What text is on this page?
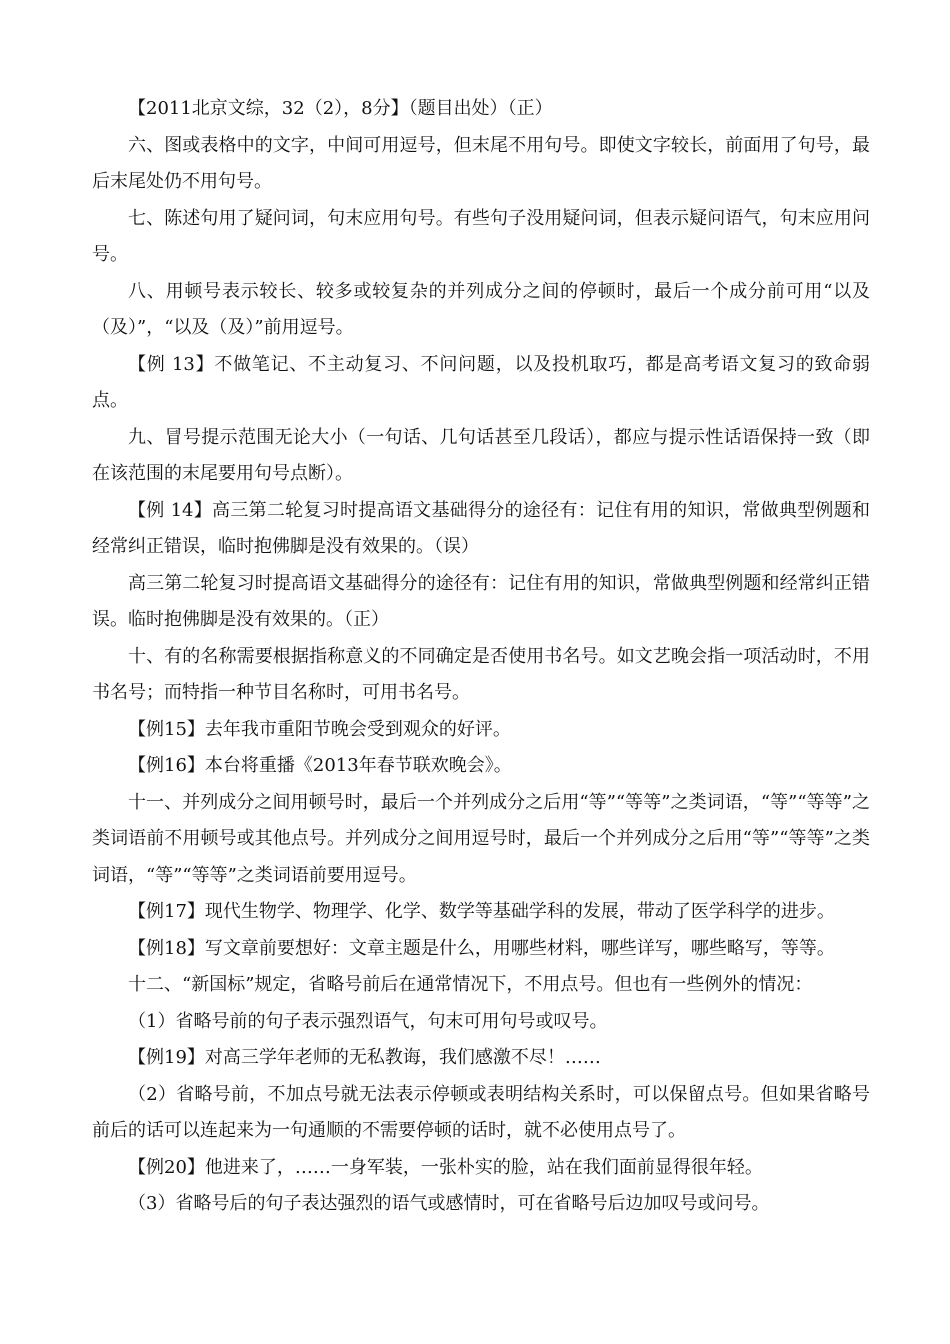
【2011北京文综，32（2），8分】（题目出处）（正）

六、图或表格中的文字，中间可用逗号，但末尾不用句号。即使文字较长，前面用了句号，最后末尾处仍不用句号。

七、陈述句用了疑问词，句末应用句号。有些句子没用疑问词，但表示疑问语气，句末应用问号。

八、用顿号表示较长、较多或较复杂的并列成分之间的停顿时，最后一个成分前可用“以及（及）”，“以及（及）”前用逗号。

【例 13】不做笔记、不主动复习、不问问题，以及投机取巧，都是高考语文复习的致命弱点。

九、冒号提示范围无论大小（一句话、几句话甚至几段话），都应与提示性话语保持一致（即在该范围的末尾要用句号点断）。

【例 14】高三第二轮复习时提高语文基础得分的途径有：记住有用的知识，常做典型例题和经常纠正错误，临时抱佛脚是没有效果的。（误）

高三第二轮复习时提高语文基础得分的途径有：记住有用的知识，常做典型例题和经常纠正错误。临时抱佛脚是没有效果的。（正）

十、有的名称需要根据指称意义的不同确定是否使用书名号。如文艺晚会指一项活动时，不用书名号；而特指一种节目名称时，可用书名号。

【例15】去年我市重阳节晚会受到观众的好评。

【例16】本台将重播《2013年春节联欢晚会》。

十一、并列成分之间用顿号时，最后一个并列成分之后用“等”“等等”之类词语，“等”“等等”之类词语前不用顿号或其他点号。并列成分之间用逗号时，最后一个并列成分之后用“等”“等等”之类词语，“等”“等等”之类词语前要用逗号。

【例17】现代生物学、物理学、化学、数学等基础学科的发展，带动了医学科学的进步。

【例18】写文章前要想好：文章主题是什么，用哪些材料，哪些详写，哪些略写，等等。

十二、“新国标”规定，省略号前后在通常情况下，不用点号。但也有一些例外的情况：

（1）省略号前的句子表示强烈语气，句末可用句号或叹号。

【例19】对高三学年老师的无私教诲，我们感激不尽！……

（2）省略号前，不加点号就无法表示停顿或表明结构关系时，可以保留点号。但如果省略号前后的话可以连起来为一句通顺的不需要停顿的话时，就不必使用点号了。

【例20】他进来了，……一身军装，一张朴实的脸，站在我们面前显得很年轻。

（3）省略号后的句子表达强烈的语气或感情时，可在省略号后边加叹号或问号。
